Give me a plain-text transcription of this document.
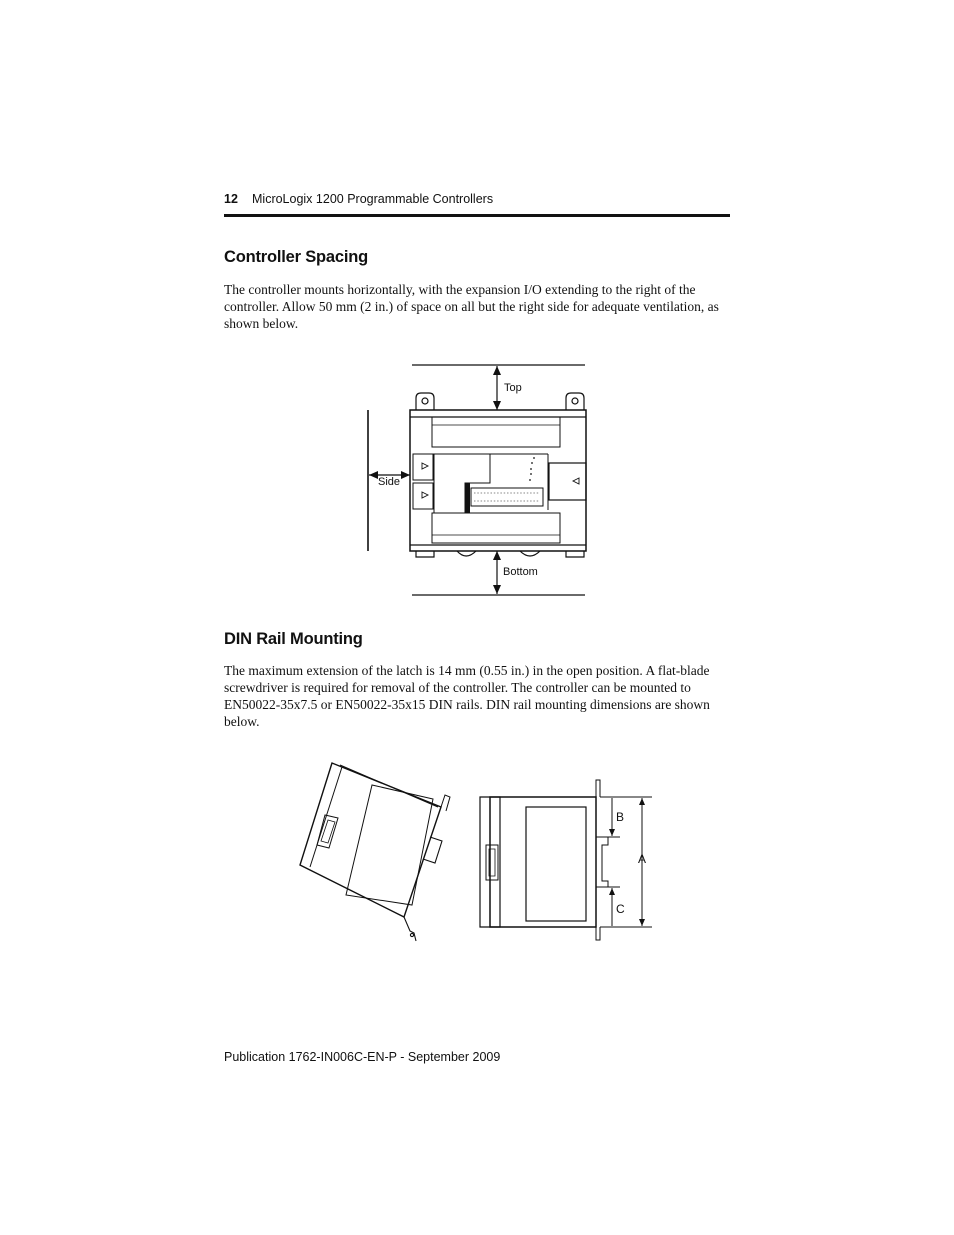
12 MicroLogix 1200 Programmable Controllers
Controller Spacing

The controller mounts horizontally, with the expansion I/O extending to the right of the controller. Allow 50 mm (2 in.) of space on all but the right side for adequate ventilation, as shown below.

Top
Side
Bottom
DIN Rail Mounting

The maximum extension of the latch is 14 mm (0.55 in.) in the open position. A flat-blade screwdriver is required for removal of the controller. The controller can be mounted to EN50022-35x7.5 or EN50022-35x15 DIN rails. DIN rail mounting dimensions are shown below.

B
A
C
Publication 1762-IN006C-EN-P - September 2009
